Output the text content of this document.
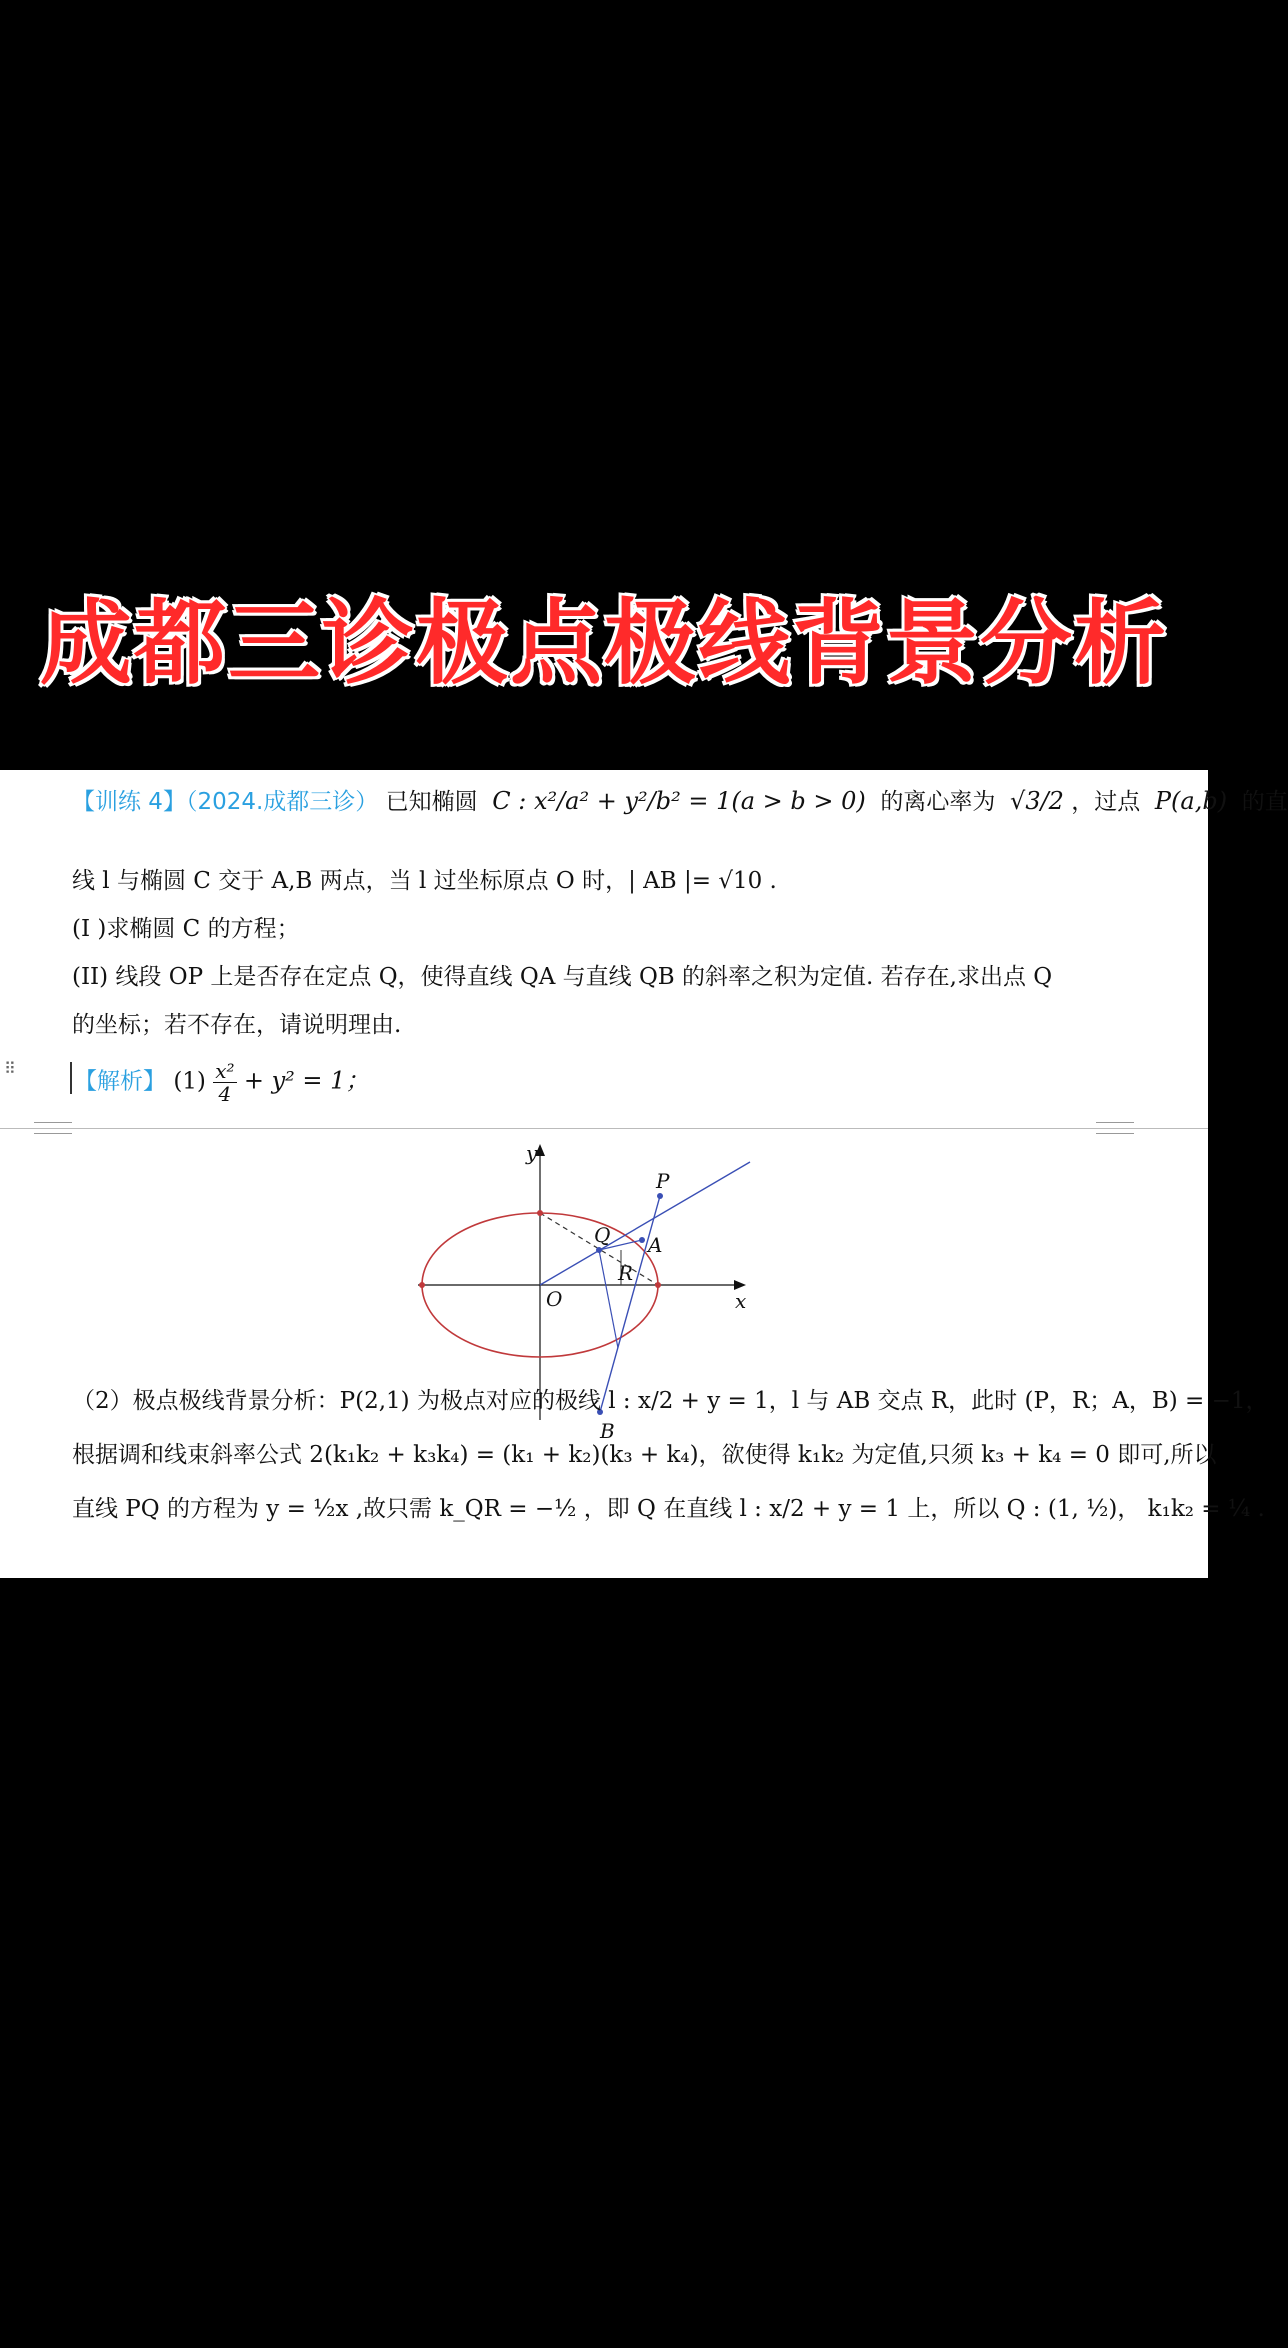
成都三诊极点极线背景分析
【训练 4】（2024.成都三诊） 已知椭圆 C : x²/a² + y²/b² = 1(a > b > 0) 的离心率为 √3/2 ，过点 P(a,b) 的直
线 l 与椭圆 C 交于 A,B 两点，当 l 过坐标原点 O 时，| AB |= √10 .
(I )求椭圆 C 的方程；
(II) 线段 OP 上是否存在定点 Q，使得直线 QA 与直线 QB 的斜率之积为定值. 若存在,求出点 Q
的坐标；若不存在，请说明理由.
⠿ 【解析】 $(1) \frac{\text{x²}}{4} + y^2 = 1$；
y
x
O
P
Q A
R
B
（2）极点极线背景分析：P(2,1) 为极点对应的极线 l : x/2 + y = 1，l 与 AB 交点 R，此时 (P，R；A，B) = −1，
根据调和线束斜率公式 2(k₁k₂ + k₃k₄) = (k₁ + k₂)(k₃ + k₄)，欲使得 k₁k₂ 为定值,只须 k₃ + k₄ = 0 即可,所以
直线 PQ 的方程为 y = ½x ,故只需 k_QR = −½ ，即 Q 在直线 l : x/2 + y = 1 上，所以 Q : (1, ½)， k₁k₂ = ¼ .
